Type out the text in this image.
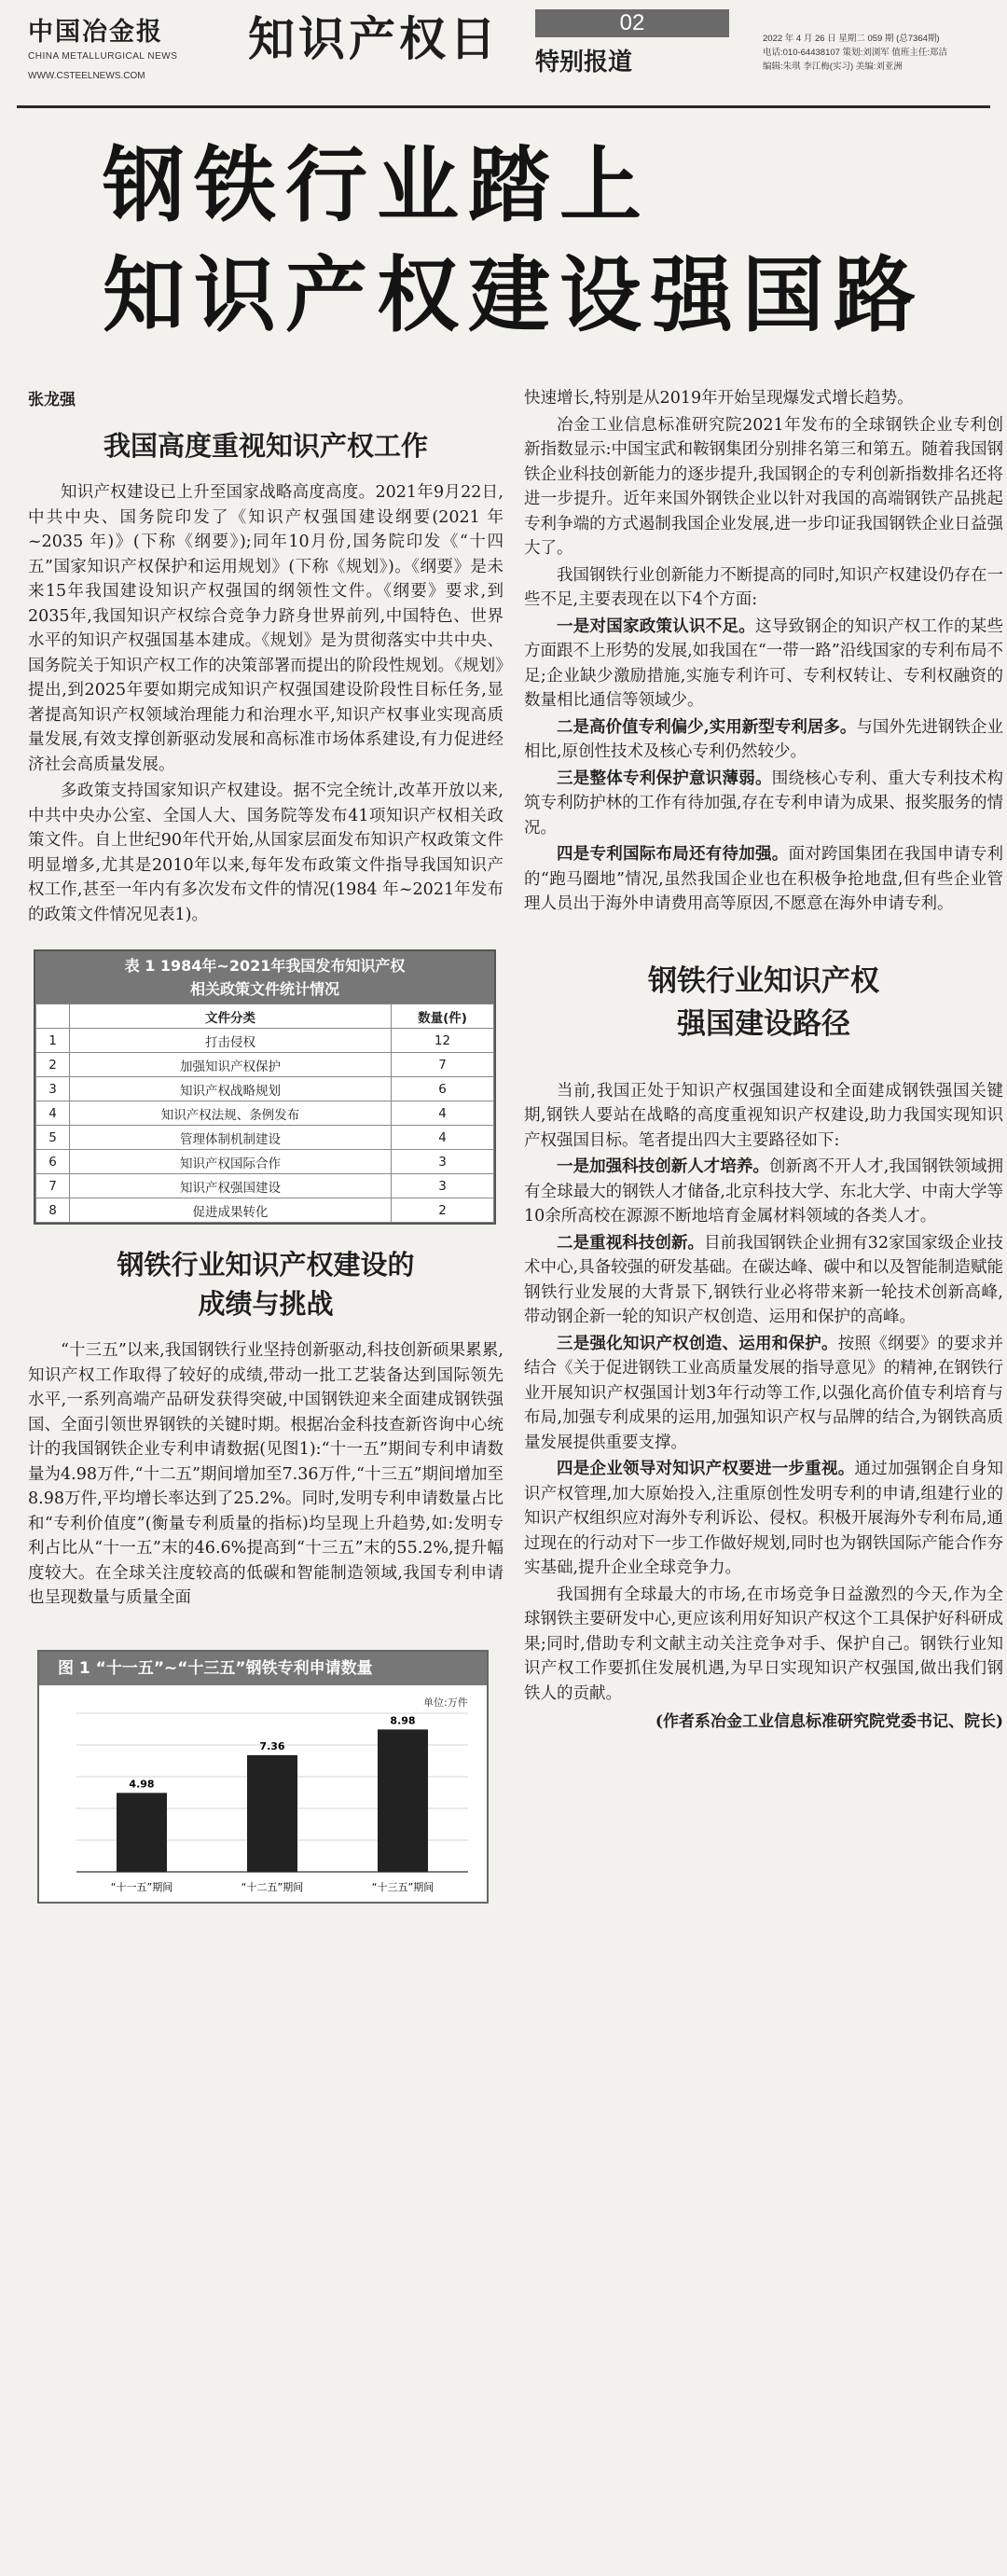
中国冶金报
CHINA METALLURGICAL NEWS
WWW.CSTEELNEWS.COM
知识产权日	02
特别报道
2022 年 4 月 26 日 星期二 059 期 (总7364期)
电话:010-64438107 策划:刘浏军 值班主任:郑洁
编辑:朱琪 李江梅(实习) 美编:刘亚洲
钢铁行业踏上
知识产权建设强国路
张龙强
我国高度重视知识产权工作

知识产权建设已上升至国家战略高度高度。2021年9月22日,中共中央、国务院印发了《知识产权强国建设纲要(2021 年~2035 年)》(下称《纲要》);同年10月份,国务院印发《“十四五”国家知识产权保护和运用规划》(下称《规划》)。《纲要》是未来15年我国建设知识产权强国的纲领性文件。《纲要》要求,到2035年,我国知识产权综合竞争力跻身世界前列,中国特色、世界水平的知识产权强国基本建成。《规划》是为贯彻落实中共中央、国务院关于知识产权工作的决策部署而提出的阶段性规划。《规划》提出,到2025年要如期完成知识产权强国建设阶段性目标任务,显著提高知识产权领域治理能力和治理水平,知识产权事业实现高质量发展,有效支撑创新驱动发展和高标准市场体系建设,有力促进经济社会高质量发展。

多政策支持国家知识产权建设。据不完全统计,改革开放以来,中共中央办公室、全国人大、国务院等发布41项知识产权相关政策文件。自上世纪90年代开始,从国家层面发布知识产权政策文件明显增多,尤其是2010年以来,每年发布政策文件指导我国知识产权工作,甚至一年内有多次发布文件的情况(1984 年~2021年发布的政策文件情况见表1)。

表 1 1984年~2021年我国发布知识产权
相关政策文件统计情况
	文件分类	数量(件)
1	打击侵权	12
2	加强知识产权保护	7
3	知识产权战略规划	6
4	知识产权法规、条例发布	4
5	管理体制机制建设	4
6	知识产权国际合作	3
7	知识产权强国建设	3
8	促进成果转化	2
钢铁行业知识产权建设的
成绩与挑战

“十三五”以来,我国钢铁行业坚持创新驱动,科技创新硕果累累,知识产权工作取得了较好的成绩,带动一批工艺装备达到国际领先水平,一系列高端产品研发获得突破,中国钢铁迎来全面建成钢铁强国、全面引领世界钢铁的关键时期。根据冶金科技查新咨询中心统计的我国钢铁企业专利申请数据(见图1):“十一五”期间专利申请数量为4.98万件,“十二五”期间增加至7.36万件,“十三五”期间增加至8.98万件,平均增长率达到了25.2%。同时,发明专利申请数量占比和“专利价值度”(衡量专利质量的指标)均呈现上升趋势,如:发明专利占比从“十一五”末的46.6%提高到“十三五”末的55.2%,提升幅度较大。在全球关注度较高的低碳和智能制造领域,我国专利申请也呈现数量与质量全面

图 1 “十一五”~“十三五”钢铁专利申请数量
单位:万件
4.98
“十一五”期间
7.36
“十二五”期间
8.98
“十三五”期间

快速增长,特别是从2019年开始呈现爆发式增长趋势。

冶金工业信息标准研究院2021年发布的全球钢铁企业专利创新指数显示:中国宝武和鞍钢集团分别排名第三和第五。随着我国钢铁企业科技创新能力的逐步提升,我国钢企的专利创新指数排名还将进一步提升。近年来国外钢铁企业以针对我国的高端钢铁产品挑起专利争端的方式遏制我国企业发展,进一步印证我国钢铁企业日益强大了。

我国钢铁行业创新能力不断提高的同时,知识产权建设仍存在一些不足,主要表现在以下4个方面:

一是对国家政策认识不足。这导致钢企的知识产权工作的某些方面跟不上形势的发展,如我国在“一带一路”沿线国家的专利布局不足;企业缺少激励措施,实施专利许可、专利权转让、专利权融资的数量相比通信等领域少。

二是高价值专利偏少,实用新型专利居多。与国外先进钢铁企业相比,原创性技术及核心专利仍然较少。

三是整体专利保护意识薄弱。围绕核心专利、重大专利技术构筑专利防护林的工作有待加强,存在专利申请为成果、报奖服务的情况。

四是专利国际布局还有待加强。面对跨国集团在我国申请专利的“跑马圈地”情况,虽然我国企业也在积极争抢地盘,但有些企业管理人员出于海外申请费用高等原因,不愿意在海外申请专利。

钢铁行业知识产权
强国建设路径

当前,我国正处于知识产权强国建设和全面建成钢铁强国关键期,钢铁人要站在战略的高度重视知识产权建设,助力我国实现知识产权强国目标。笔者提出四大主要路径如下:

一是加强科技创新人才培养。创新离不开人才,我国钢铁领域拥有全球最大的钢铁人才储备,北京科技大学、东北大学、中南大学等10余所高校在源源不断地培育金属材料领域的各类人才。

二是重视科技创新。目前我国钢铁企业拥有32家国家级企业技术中心,具备较强的研发基础。在碳达峰、碳中和以及智能制造赋能钢铁行业发展的大背景下,钢铁行业必将带来新一轮技术创新高峰,带动钢企新一轮的知识产权创造、运用和保护的高峰。

三是强化知识产权创造、运用和保护。按照《纲要》的要求并结合《关于促进钢铁工业高质量发展的指导意见》的精神,在钢铁行业开展知识产权强国计划3年行动等工作,以强化高价值专利培育与布局,加强专利成果的运用,加强知识产权与品牌的结合,为钢铁高质量发展提供重要支撑。

四是企业领导对知识产权要进一步重视。通过加强钢企自身知识产权管理,加大原始投入,注重原创性发明专利的申请,组建行业的知识产权组织应对海外专利诉讼、侵权。积极开展海外专利布局,通过现在的行动对下一步工作做好规划,同时也为钢铁国际产能合作夯实基础,提升企业全球竞争力。

我国拥有全球最大的市场,在市场竞争日益激烈的今天,作为全球钢铁主要研发中心,更应该利用好知识产权这个工具保护好科研成果;同时,借助专利文献主动关注竞争对手、保护自己。钢铁行业知识产权工作要抓住发展机遇,为早日实现知识产权强国,做出我们钢铁人的贡献。

(作者系冶金工业信息标准研究院党委书记、院长)
